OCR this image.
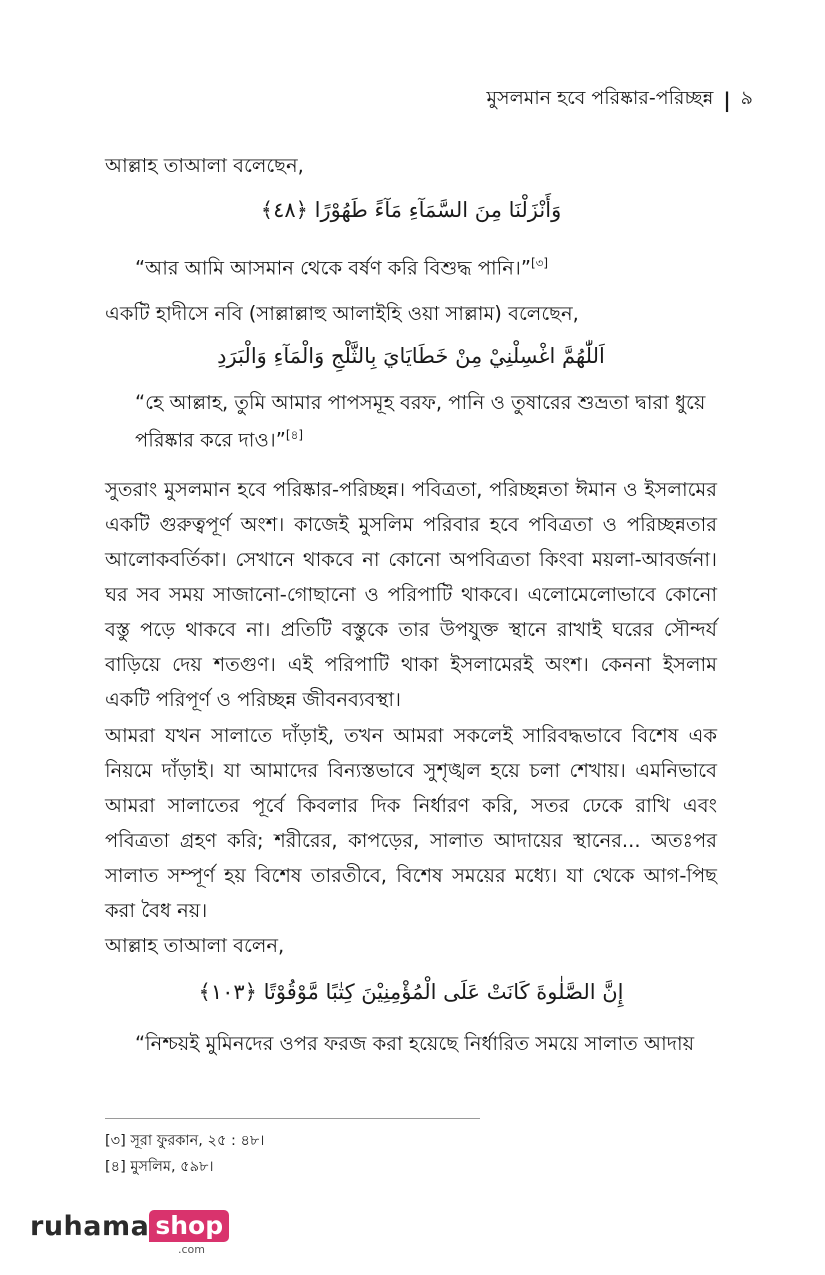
মুসলমান হবে পরিষ্কার-পরিচ্ছন্ন | ৯
আল্লাহ তাআলা বলেছেন,
وَأَنْزَلْنَا مِنَ السَّمَآءِ مَآءً طَهُوْرًا ﴿٤٨﴾
“আর আমি আসমান থেকে বর্ষণ করি বিশুদ্ধ পানি।”[৩]
একটি হাদীসে নবি (সাল্লাল্লাহু আলাইহি ওয়া সাল্লাম) বলেছেন,
اَللّٰهُمَّ اغْسِلْنِيْ مِنْ خَطَايَايَ بِالثَّلْجِ وَالْمَآءِ وَالْبَرَدِ
“হে আল্লাহ, তুমি আমার পাপসমূহ বরফ, পানি ও তুষারের শুভ্রতা দ্বারা ধুয়ে পরিষ্কার করে দাও।”[৪]
সুতরাং মুসলমান হবে পরিষ্কার-পরিচ্ছন্ন। পবিত্রতা, পরিচ্ছন্নতা ঈমান ও ইসলামের একটি গুরুত্বপূর্ণ অংশ। কাজেই মুসলিম পরিবার হবে পবিত্রতা ও পরিচ্ছন্নতার আলোকবর্তিকা। সেখানে থাকবে না কোনো অপবিত্রতা কিংবা ময়লা-আবর্জনা। ঘর সব সময় সাজানো-গোছানো ও পরিপাটি থাকবে। এলোমেলোভাবে কোনো বস্তু পড়ে থাকবে না। প্রতিটি বস্তুকে তার উপযুক্ত স্থানে রাখাই ঘরের সৌন্দর্য বাড়িয়ে দেয় শতগুণ। এই পরিপাটি থাকা ইসলামেরই অংশ। কেননা ইসলাম একটি পরিপূর্ণ ও পরিচ্ছন্ন জীবনব্যবস্থা।
আমরা যখন সালাতে দাঁড়াই, তখন আমরা সকলেই সারিবদ্ধভাবে বিশেষ এক নিয়মে দাঁড়াই। যা আমাদের বিন্যস্তভাবে সুশৃঙ্খল হয়ে চলা শেখায়। এমনিভাবে আমরা সালাতের পূর্বে কিবলার দিক নির্ধারণ করি, সতর ঢেকে রাখি এবং পবিত্রতা গ্রহণ করি; শরীরের, কাপড়ের, সালাত আদায়ের স্থানের... অতঃপর সালাত সম্পূর্ণ হয় বিশেষ তারতীবে, বিশেষ সময়ের মধ্যে। যা থেকে আগ-পিছ করা বৈধ নয়।
আল্লাহ তাআলা বলেন,
إِنَّ الصَّلٰوةَ كَانَتْ عَلَى الْمُؤْمِنِيْنَ كِتٰبًا مَّوْقُوْتًا ﴿١٠٣﴾
“নিশ্চয়ই মুমিনদের ওপর ফরজ করা হয়েছে নির্ধারিত সময়ে সালাত আদায়
[৩] সূরা ফুরকান, ২৫ : ৪৮।
[৪] মুসলিম, ৫৯৮।
ruhama shop
.com
